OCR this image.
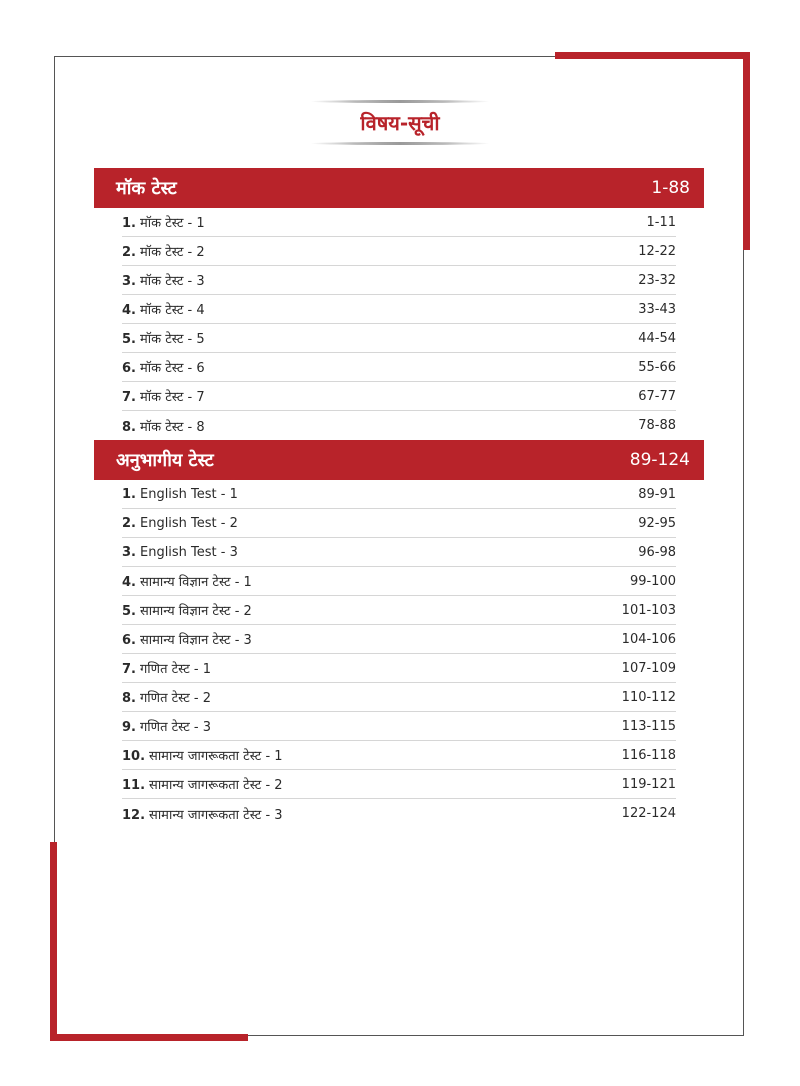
विषय-सूची
मॉक टेस्ट	1-88
1. मॉक टेस्ट - 1	1-11
2. मॉक टेस्ट - 2	12-22
3. मॉक टेस्ट - 3	23-32
4. मॉक टेस्ट - 4	33-43
5. मॉक टेस्ट - 5	44-54
6. मॉक टेस्ट - 6	55-66
7. मॉक टेस्ट - 7	67-77
8. मॉक टेस्ट - 8	78-88
अनुभागीय टेस्ट	89-124
1. English Test - 1	89-91
2. English Test - 2	92-95
3. English Test - 3	96-98
4. सामान्य विज्ञान टेस्ट - 1	99-100
5. सामान्य विज्ञान टेस्ट - 2	101-103
6. सामान्य विज्ञान टेस्ट - 3	104-106
7. गणित टेस्ट - 1	107-109
8. गणित टेस्ट - 2	110-112
9. गणित टेस्ट - 3	113-115
10. सामान्य जागरूकता टेस्ट - 1	116-118
11. सामान्य जागरूकता टेस्ट - 2	119-121
12. सामान्य जागरूकता टेस्ट - 3	122-124
